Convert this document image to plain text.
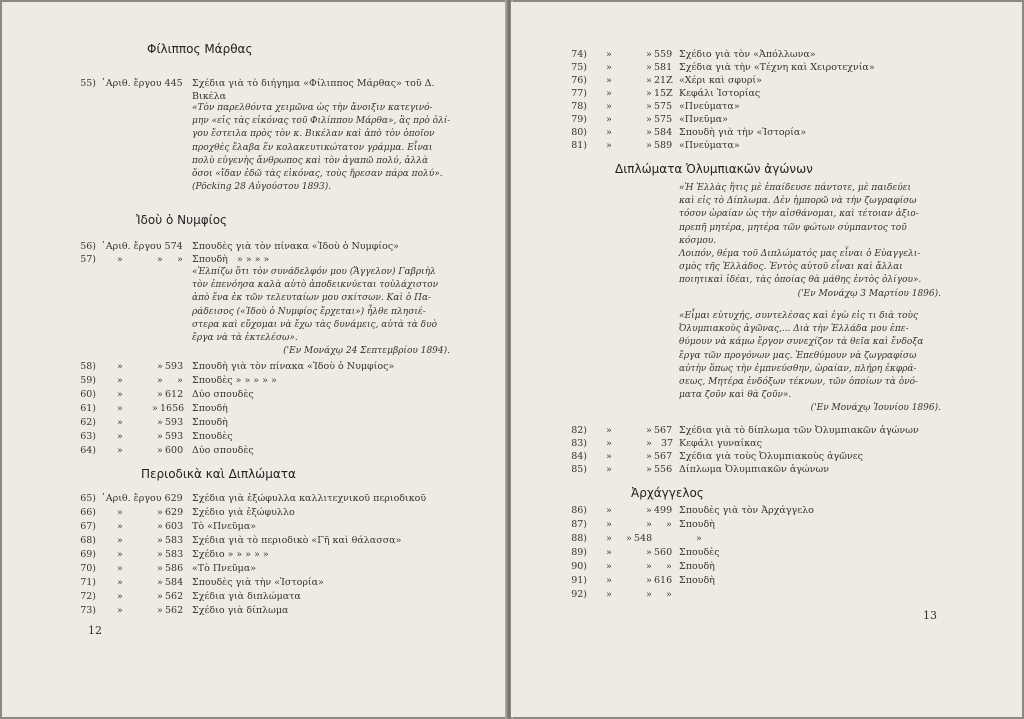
Φίλιππος Μάρθας
55) ᾿Αριθ. ἔργου 445 Σχέδια γιὰ τὸ διήγημα «Φίλιππος Μάρθας» τοῦ Δ.
Βικέλα
«Τὸν παρελθόντα χειμῶνα ὡς τὴν ἄνοιξιν κατεγινό-
μην «εἰς τὰς εἰκόνας τοῦ Φιλίππου Μάρθα», ἃς πρὸ ὀλί-
γου ἔστειλα πρὸς τὸν κ. Βικέλαν καὶ ἀπὸ τὸν ὁποῖον
προχθὲς ἔλαβα ἕν κολακευτικώτατον γράμμα. Εἶναι
πολὺ εὐγενὴς ἄνθρωπος καὶ τὸν ἀγαπῶ πολύ, ἀλλὰ
ὅσοι «ἴδαν ἐδῶ τὰς εἰκόνας, τοὺς ἤρεσαν πάρα πολύ».
(Pöcking 28 Αὐγούστου 1893).
Ἰδοὺ ὁ Νυμφίος
56) ᾿Αριθ. ἔργου 574 Σπουδὲς γιὰ τὸν πίνακα «Ἰδοὺ ὁ Νυμφίος»
57) »	» » Σπουδὴ » » » »
«Ἐλπίζω ὅτι τὸν συνάδελφόν μου (Ἄγγελον) Γαβριὴλ
τὸν ἐπενόησα καλὰ αὐτὸ ἀποδεικνύεται τοὐλάχιστον
ἀπὸ ἕνα ἐκ τῶν τελευταίων μου σκίτσων. Καὶ ὁ Πα-
ράδεισος («Ἰδοὺ ὁ Νυμφίος ἔρχεται») ἦλθε πλησιέ-
στερα καὶ εὔχομαι νὰ ἔχω τὰς δυνάμεις, αὐτὰ τὰ δυὸ
ἔργα νὰ τὰ ἐκτελέσω».
('Εν Μονάχῳ 24 Σεπτεμβρίου 1894).
58) »	» 593 Σπουδὴ γιὰ τὸν πίνακα «Ἰδοὺ ὁ Νυμφίος»
59) »	» » Σπουδὲς » » » » »
60) »	» 612 Δύο σπουδὲς
61) »	» 1656 Σπουδὴ
62) »	» 593 Σπουδὴ
63) »	» 593 Σπουδὲς
64) »	» 600 Δύο σπουδὲς
Περιοδικὰ καὶ Διπλώματα
65) ᾿Αριθ. ἔργου 629 Σχέδια γιὰ ἐξώφυλλα καλλιτεχνικοῦ περιοδικοῦ
66) »	» 629 Σχέδιο γιὰ ἐξώφυλλο
67) »	» 603 Τὸ «Πνεῦμα»
68) »	» 583 Σχέδια γιὰ τὸ περιοδικὸ «Γῆ καὶ θάλασσα»
69) »	» 583 Σχέδιο » » » » »
70) »	» 586 «Τὸ Πνεῦμα»
71) »	» 584 Σπουδὲς γιὰ τὴν «Ἱστορία»
72) »	» 562 Σχέδια γιὰ διπλώματα
73) »	» 562 Σχέδιο γιὰ δίπλωμα
12
74) »	» 559 Σχέδιο γιὰ τὸν «Ἀπόλλωνα»
75) »	» 581 Σχέδια γιὰ τὴν «Τέχνη καὶ Χειροτεχνία»
76) »	» 21Ζ «Χέρι καὶ σφυρί»
77) »	» 15Ζ Κεφάλι Ἱστορίας
78) »	» 575 «Πνεύματα»
79) »	» 575 «Πνεῦμα»
80) »	» 584 Σπουδὴ γιὰ τὴν «Ἱστορία»
81) »	» 589 «Πνεύματα»
Διπλώματα Ὀλυμπιακῶν ἀγώνων
«Ἡ Ἑλλὰς ἥτις μὲ ἐπαίδευσε πάντοτε, μὲ παιδεύει
καὶ εἰς τὸ Δίπλωμα. Δὲν ἠμπορῶ νὰ τὴν ζωγραφίσω
τόσον ὡραίαν ὡς τὴν αἰσθάνομαι, καὶ τέτοιαν ἀξιο-
πρεπῆ μητέρα, μητέρα τῶν φώτων σύμπαντος τοῦ
κόσμου.
Λοιπόν, θέμα τοῦ Διπλώματός μας εἶναι ὁ Εὐαγγελι-
σμὸς τῆς Ἑλλάδος. Ἐντὸς αὐτοῦ εἶναι καὶ ἄλλαι
ποιητικαὶ ἰδέαι, τὰς ὁποίας θὰ μάθης ἐντὸς ὀλίγου».
('Εν Μονάχῳ 3 Μαρτίου 1896).
«Εἶμαι εὐτυχής, συντελέσας καὶ ἐγὼ εἰς τι διὰ τοὺς
Ὀλυμπιακοὺς ἀγῶνας,... Διὰ τὴν Ἑλλάδα μου ἐπε-
θύμουν νὰ κάμω ἔργον συνεχίζον τὰ θεῖα καὶ ἔνδοξα
ἔργα τῶν προγόνων μας. Ἐπεθύμουν νὰ ζωγραφίσω
αὐτὴν ὅπως τὴν ἐμπνεύσθην, ὡραίαν, πλήρη ἐκφρά-
σεως, Μητέρα ἐνδόξων τέκνων, τῶν ὁποίων τὰ ὀνό-
ματα ζοῦν καὶ θὰ ζοῦν».
('Εν Μονάχῳ Ἰουνίου 1896).
82) »	» 567 Σχέδια γιὰ τὸ δίπλωμα τῶν Ὀλυμπιακῶν ἀγώνων
83) »	» 37 Κεφάλι γυναίκας
84) »	» 567 Σχέδια γιὰ τοὺς Ὀλυμπιακοὺς ἀγῶνες
85) »	» 556 Δίπλωμα Ὀλυμπιακῶν ἀγώνων
Ἀρχάγγελος
86) »	» 499 Σπουδὲς γιὰ τὸν Ἀρχάγγελο
87) »	» » Σπουδὴ
88) » » 548	»
89) »	» 560 Σπουδὲς
90) »	» » Σπουδὴ
91) »	» 616 Σπουδὴ
92) »	» »
13
